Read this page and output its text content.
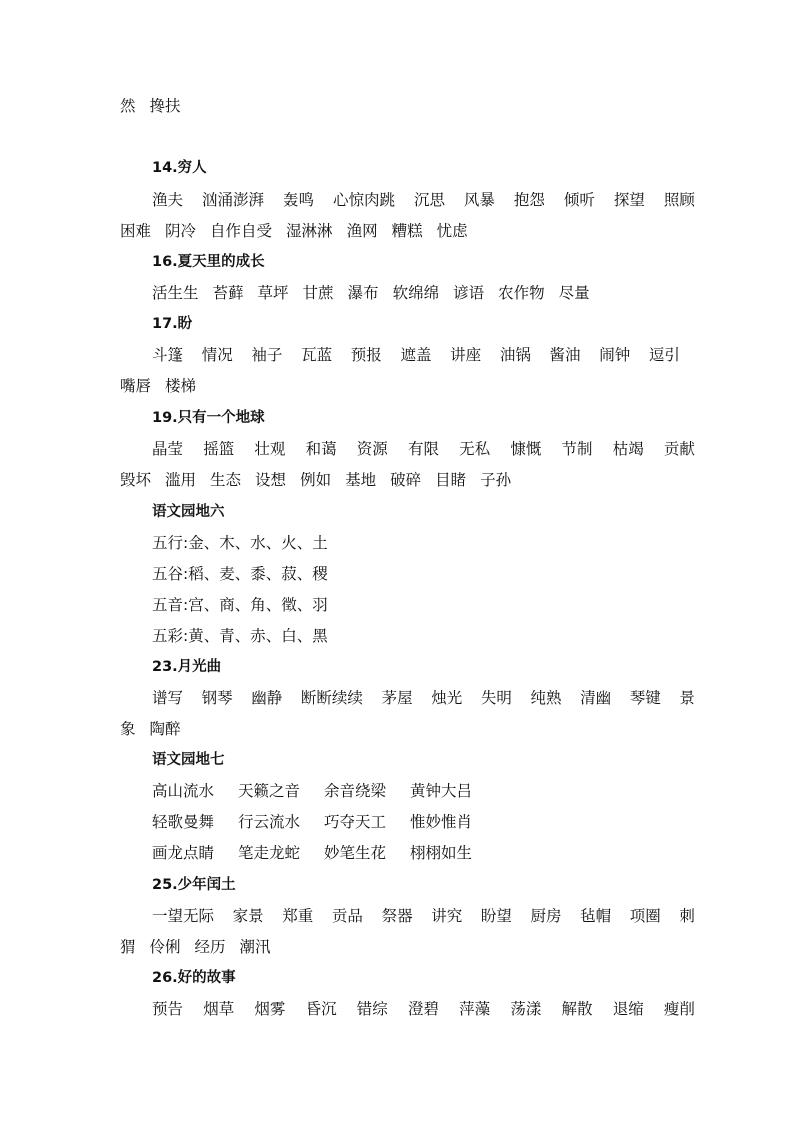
然 搀扶
14.穷人
渔夫 汹涌澎湃 轰鸣 心惊肉跳 沉思 风暴 抱怨 倾听 探望 照顾
困难 阴冷 自作自受 湿淋淋 渔网 糟糕 忧虑
16.夏天里的成长
活生生 苔藓 草坪 甘蔗 瀑布 软绵绵 谚语 农作物 尽量
17.盼
斗篷 情况 袖子 瓦蓝 预报 遮盖 讲座 油锅 酱油 闹钟 逗引
嘴唇 楼梯
19.只有一个地球
晶莹 摇篮 壮观 和蔼 资源 有限 无私 慷慨 节制 枯竭 贡献
毁坏 滥用 生态 设想 例如 基地 破碎 目睹 子孙
语文园地六
五行:金、木、水、火、土
五谷:稻、麦、黍、菽、稷
五音:宫、商、角、徵、羽
五彩:黄、青、赤、白、黑
23.月光曲
谱写 钢琴 幽静 断断续续 茅屋 烛光 失明 纯熟 清幽 琴键 景
象 陶醉
语文园地七
高山流水 天籁之音 余音绕梁 黄钟大吕
轻歌曼舞 行云流水 巧夺天工 惟妙惟肖
画龙点睛 笔走龙蛇 妙笔生花 栩栩如生
25.少年闰土
一望无际 家景 郑重 贡品 祭器 讲究 盼望 厨房 毡帽 项圈 刺
猬 伶俐 经历 潮汛
26.好的故事
预告 烟草 烟雾 昏沉 错综 澄碧 萍藻 荡漾 解散 退缩 瘦削
